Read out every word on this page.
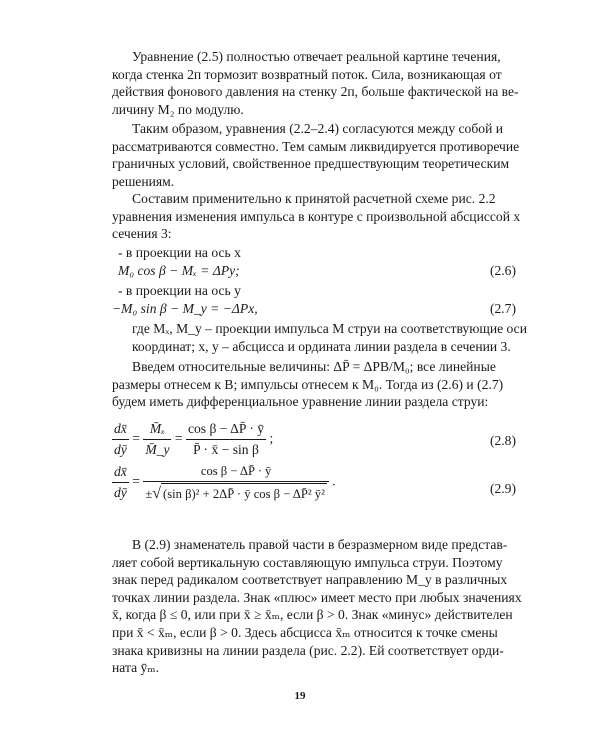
Уравнение (2.5) полностью отвечает реальной картине течения,
когда стенка 2п тормозит возвратный поток. Сила, возникающая от
действия фонового давления на стенку 2п, больше фактической на ве-
личину M₂ по модулю.
Таким образом, уравнения (2.2–2.4) согласуются между собой и
рассматриваются совместно. Тем самым ликвидируется противоречие
граничных условий, свойственное предшествующим теоретическим
решениям.
Составим применительно к принятой расчетной схеме рис. 2.2
уравнения изменения импульса в контуре с произвольной абсциссой x
сечения 3:
- в проекции на ось x
M₀ cos β − Mₓ = ΔPy;	(2.6)
- в проекции на ось y
−M₀ sin β − M_y = −ΔPx,	(2.7)
где Mₓ, M_y – проекции импульса M струи на соответствующие оси
координат; x, y – абсцисса и ордината линии раздела в сечении 3.
Введем относительные величины: ΔP̄ = ΔPB/M₀; все линейные
размеры отнесем к B; импульсы отнесем к M₀. Тогда из (2.6) и (2.7)
будем иметь дифференциальное уравнение линии раздела струи:
$\frac{dx̄}{dȳ} = \frac{\text{M̄ₓ}}{M̄\_y} = \frac{\text{cos β − ΔP̄ · ȳ}}{\text{P̄ · x̄ − sin β}}$ ;	(2.8)
$\frac{dx̄}{dȳ} = \frac{\text{cos β − ΔP̄ · ȳ}}{\text{±√ (sin β)² + 2ΔP̄ · ȳ cos β − ΔP̄² ȳ²}}$ .	(2.9)
В (2.9) знаменатель правой части в безразмерном виде представ-
ляет собой вертикальную составляющую импульса струи. Поэтому
знак перед радикалом соответствует направлению M_y в различных
точках линии раздела. Знак «плюс» имеет место при любых значениях
x̄, когда β ≤ 0, или при x̄ ≥ x̄ₘ, если β > 0. Знак «минус» действителен
при x̄ < x̄ₘ, если β > 0. Здесь абсцисса x̄ₘ относится к точке смены
знака кривизны на линии раздела (рис. 2.2). Ей соответствует орди-
ната ȳₘ.
19
